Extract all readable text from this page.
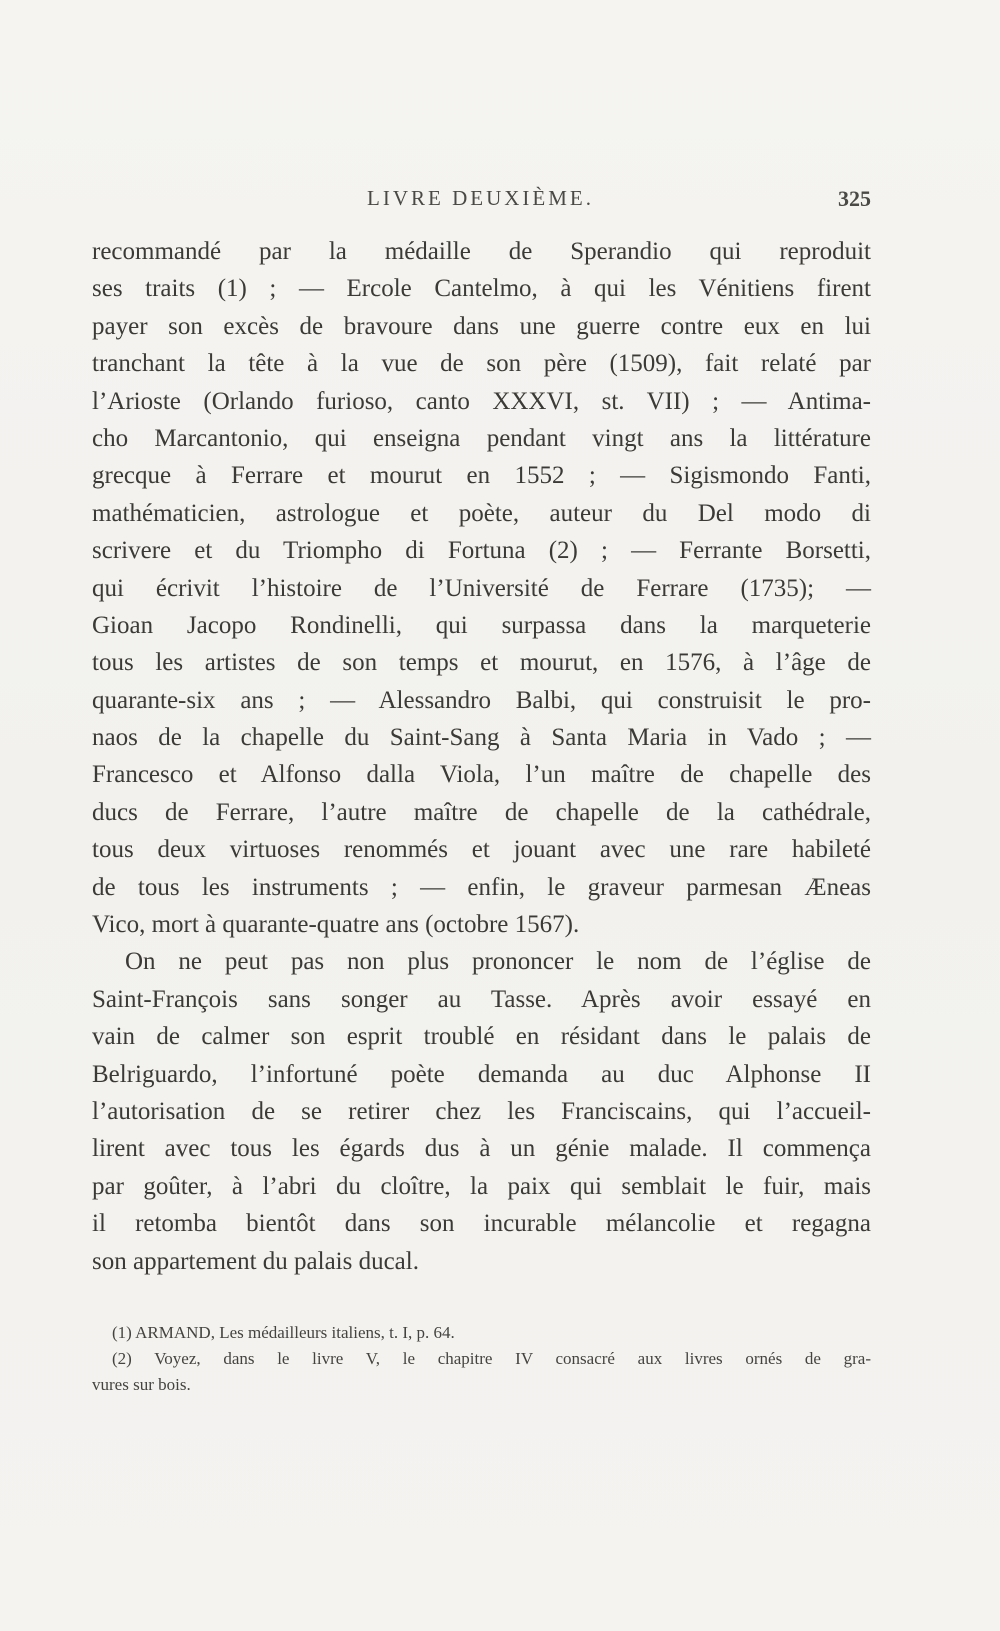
LIVRE DEUXIÈME.	325
recommandé par la médaille de Sperandio qui reproduit
ses traits (1) ; — Ercole Cantelmo, à qui les Vénitiens firent
payer son excès de bravoure dans une guerre contre eux en lui
tranchant la tête à la vue de son père (1509), fait relaté par
l’Arioste (Orlando furioso, canto XXXVI, st. VII) ; — Antima-
cho Marcantonio, qui enseigna pendant vingt ans la littérature
grecque à Ferrare et mourut en 1552 ; — Sigismondo Fanti,
mathématicien, astrologue et poète, auteur du Del modo di
scrivere et du Triompho di Fortuna (2) ; — Ferrante Borsetti,
qui écrivit l’histoire de l’Université de Ferrare (1735); —
Gioan Jacopo Rondinelli, qui surpassa dans la marqueterie
tous les artistes de son temps et mourut, en 1576, à l’âge de
quarante-six ans ; — Alessandro Balbi, qui construisit le pro-
naos de la chapelle du Saint-Sang à Santa Maria in Vado ; —
Francesco et Alfonso dalla Viola, l’un maître de chapelle des
ducs de Ferrare, l’autre maître de chapelle de la cathédrale,
tous deux virtuoses renommés et jouant avec une rare habileté
de tous les instruments ; — enfin, le graveur parmesan Æneas
Vico, mort à quarante-quatre ans (octobre 1567).
On ne peut pas non plus prononcer le nom de l’église de
Saint-François sans songer au Tasse. Après avoir essayé en
vain de calmer son esprit troublé en résidant dans le palais de
Belriguardo, l’infortuné poète demanda au duc Alphonse II
l’autorisation de se retirer chez les Franciscains, qui l’accueil-
lirent avec tous les égards dus à un génie malade. Il commença
par goûter, à l’abri du cloître, la paix qui semblait le fuir, mais
il retomba bientôt dans son incurable mélancolie et regagna
son appartement du palais ducal.
(1) ARMAND, Les médailleurs italiens, t. I, p. 64.
(2) Voyez, dans le livre V, le chapitre IV consacré aux livres ornés de gra-
vures sur bois.
